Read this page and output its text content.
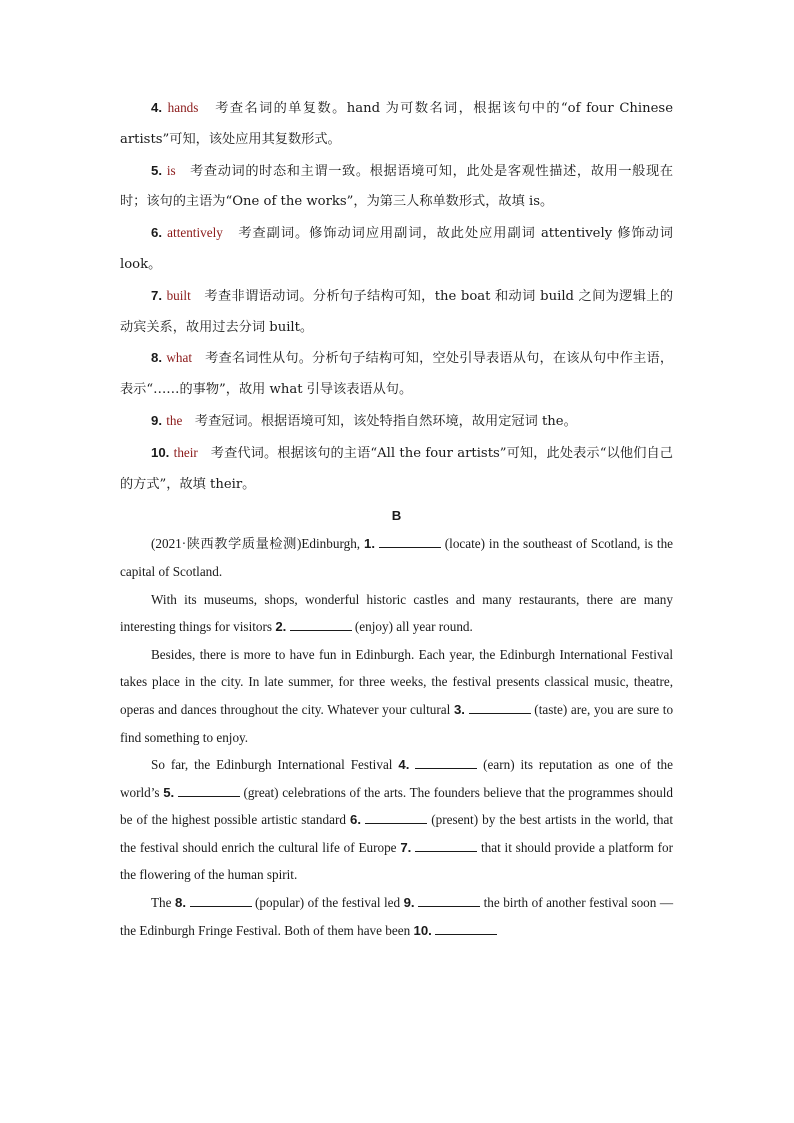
4. hands 考查名词的单复数。hand 为可数名词，根据该句中的“of four Chinese artists”可知，该处应用其复数形式。

5. is 考查动词的时态和主谓一致。根据语境可知，此处是客观性描述，故用一般现在时；该句的主语为“One of the works”，为第三人称单数形式，故填 is。

6. attentively 考查副词。修饰动词应用副词，故此处应用副词 attentively 修饰动词 look。

7. built 考查非谓语动词。分析句子结构可知，the boat 和动词 build 之间为逻辑上的动宾关系，故用过去分词 built。

8. what 考查名词性从句。分析句子结构可知，空处引导表语从句，在该从句中作主语，表示“……的事物”，故用 what 引导该表语从句。

9. the 考查冠词。根据语境可知，该处特指自然环境，故用定冠词 the。

10. their 考查代词。根据该句的主语“All the four artists”可知，此处表示“以他们自己的方式”，故填 their。

B

(2021·陕西教学质量检测)Edinburgh, 1.	(locate) in the southeast of Scotland, is the capital of Scotland.

With its museums, shops, wonderful historic castles and many restaurants, there are many interesting things for visitors 2.	(enjoy) all year round.

Besides, there is more to have fun in Edinburgh. Each year, the Edinburgh International Festival takes place in the city. In late summer, for three weeks, the festival presents classical music, theatre, operas and dances throughout the city. Whatever your cultural 3.	(taste) are, you are sure to find something to enjoy.

So far, the Edinburgh International Festival 4.	(earn) its reputation as one of the world’s 5.	(great) celebrations of the arts. The founders believe that the programmes should be of the highest possible artistic standard 6.	(present) by the best artists in the world, that the festival should enrich the cultural life of Europe 7.	that it should provide a platform for the flowering of the human spirit.

The 8.	(popular) of the festival led 9.	the birth of another festival soon — the Edinburgh Fringe Festival. Both of them have been 10.
